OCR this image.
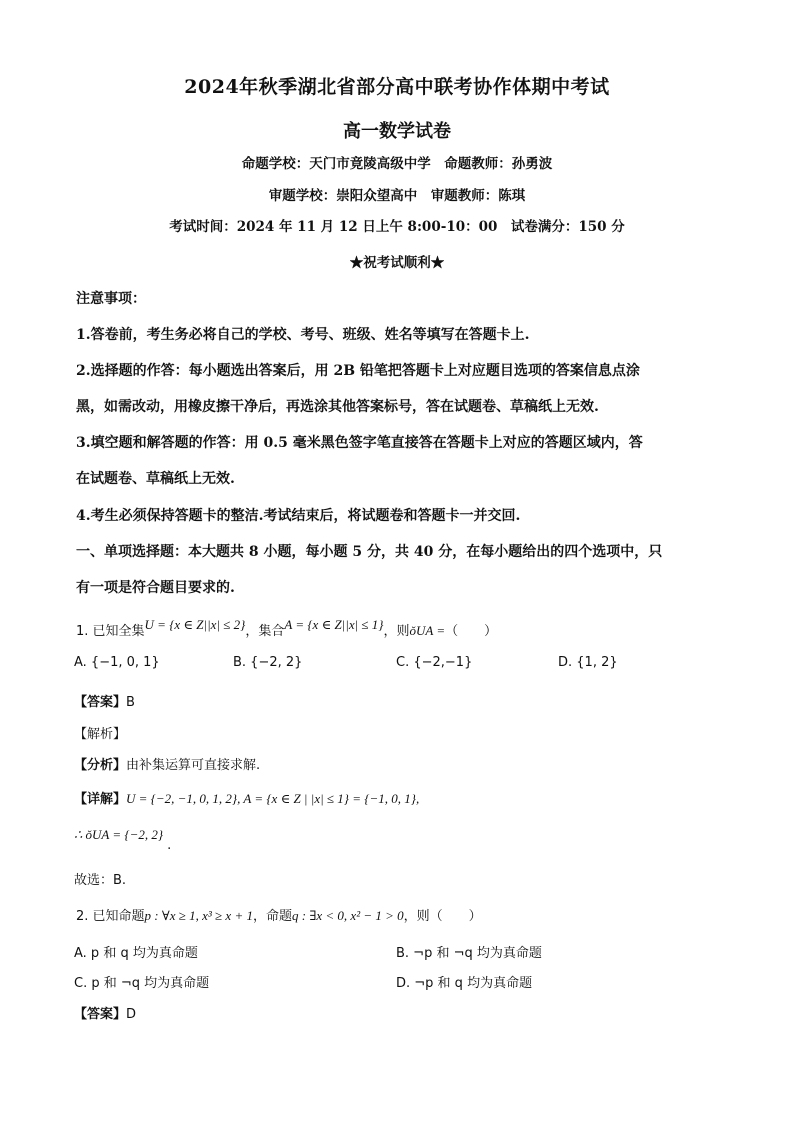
2024年秋季湖北省部分高中联考协作体期中考试
高一数学试卷
命题学校：天门市竟陵高级中学　命题教师：孙勇波
审题学校：崇阳众望高中　审题教师：陈琪
考试时间：2024 年 11 月 12 日上午 8:00-10：00　试卷满分：150 分
★祝考试顺利★
注意事项：
1.答卷前，考生务必将自己的学校、考号、班级、姓名等填写在答题卡上.
2.选择题的作答：每小题选出答案后，用 2B 铅笔把答题卡上对应题目选项的答案信息点涂
黑，如需改动，用橡皮擦干净后，再选涂其他答案标号，答在试题卷、草稿纸上无效.
3.填空题和解答题的作答：用 0.5 毫米黑色签字笔直接答在答题卡上对应的答题区域内，答
在试题卷、草稿纸上无效.
4.考生必须保持答题卡的整洁.考试结束后，将试题卷和答题卡一并交回.
一、单项选择题：本大题共 8 小题，每小题 5 分，共 40 分，在每小题给出的四个选项中，只
有一项是符合题目要求的.
1. 已知全集U = {x ∈ Z||x| ≤ 2}，集合A = {x ∈ Z||x| ≤ 1}，则ǒUA =（　　）
A. {−1, 0, 1}	B. {−2, 2}	C. {−2,−1}	D. {1, 2}
【答案】B
【解析】
【分析】由补集运算可直接求解.
【详解】U = {−2, −1, 0, 1, 2}, A = {x ∈ Z | |x| ≤ 1} = {−1, 0, 1},
∴ ǒUA = {−2, 2}.
故选：B.
2. 已知命题p : ∀x ≥ 1, x³ ≥ x + 1，命题q : ∃x < 0, x² − 1 > 0，则（　　）
A. p 和 q 均为真命题	B. ¬p 和 ¬q 均为真命题
C. p 和 ¬q 均为真命题	D. ¬p 和 q 均为真命题
【答案】D
